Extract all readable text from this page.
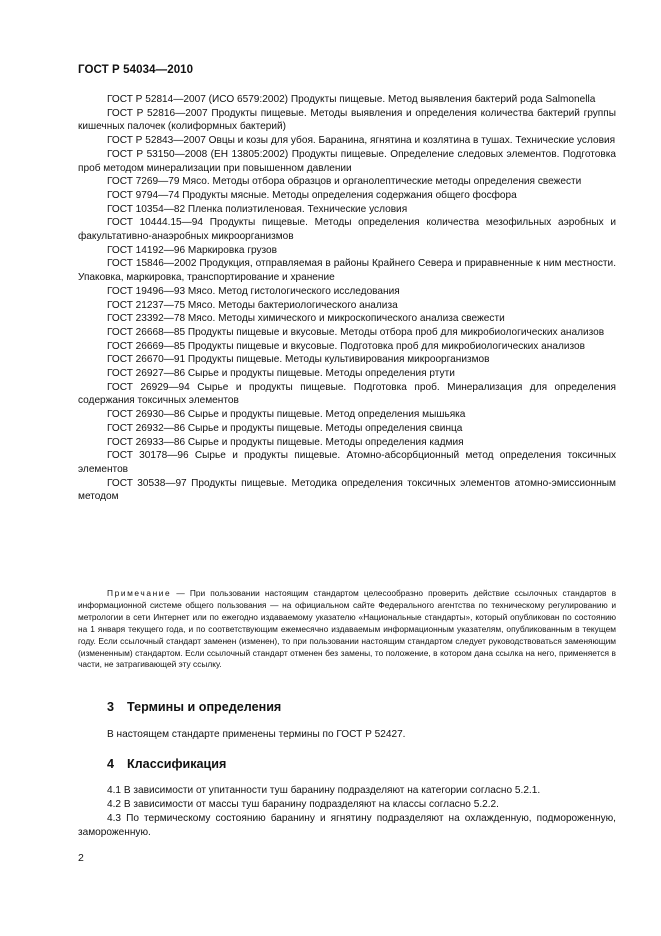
ГОСТ Р 54034—2010

ГОСТ Р 52814—2007 (ИСО 6579:2002) Продукты пищевые. Метод выявления бактерий рода Salmonella

ГОСТ Р 52816—2007 Продукты пищевые. Методы выявления и определения количества бактерий группы кишечных палочек (колиформных бактерий)

ГОСТ Р 52843—2007 Овцы и козы для убоя. Баранина, ягнятина и козлятина в тушах. Технические условия

ГОСТ Р 53150—2008 (ЕН 13805:2002) Продукты пищевые. Определение следовых элементов. Подготовка проб методом минерализации при повышенном давлении

ГОСТ 7269—79 Мясо. Методы отбора образцов и органолептические методы определения свежести

ГОСТ 9794—74 Продукты мясные. Методы определения содержания общего фосфора

ГОСТ 10354—82 Пленка полиэтиленовая. Технические условия

ГОСТ 10444.15—94 Продукты пищевые. Методы определения количества мезофильных аэробных и факультативно-анаэробных микроорганизмов

ГОСТ 14192—96 Маркировка грузов

ГОСТ 15846—2002 Продукция, отправляемая в районы Крайнего Севера и приравненные к ним местности. Упаковка, маркировка, транспортирование и хранение

ГОСТ 19496—93 Мясо. Метод гистологического исследования

ГОСТ 21237—75 Мясо. Методы бактериологического анализа

ГОСТ 23392—78 Мясо. Методы химического и микроскопического анализа свежести

ГОСТ 26668—85 Продукты пищевые и вкусовые. Методы отбора проб для микробиологических анализов

ГОСТ 26669—85 Продукты пищевые и вкусовые. Подготовка проб для микробиологических анализов

ГОСТ 26670—91 Продукты пищевые. Методы культивирования микроорганизмов

ГОСТ 26927—86 Сырье и продукты пищевые. Методы определения ртути

ГОСТ 26929—94 Сырье и продукты пищевые. Подготовка проб. Минерализация для определения содержания токсичных элементов

ГОСТ 26930—86 Сырье и продукты пищевые. Метод определения мышьяка

ГОСТ 26932—86 Сырье и продукты пищевые. Методы определения свинца

ГОСТ 26933—86 Сырье и продукты пищевые. Методы определения кадмия

ГОСТ 30178—96 Сырье и продукты пищевые. Атомно-абсорбционный метод определения токсичных элементов

ГОСТ 30538—97 Продукты пищевые. Методика определения токсичных элементов атомно-эмиссионным методом

Примечание — При пользовании настоящим стандартом целесообразно проверить действие ссылочных стандартов в информационной системе общего пользования — на официальном сайте Федерального агентства по техническому регулированию и метрологии в сети Интернет или по ежегодно издаваемому указателю «Национальные стандарты», который опубликован по состоянию на 1 января текущего года, и по соответствующим ежемесячно издаваемым информационным указателям, опубликованным в текущем году. Если ссылочный стандарт заменен (изменен), то при пользовании настоящим стандартом следует руководствоваться заменяющим (измененным) стандартом. Если ссылочный стандарт отменен без замены, то положение, в котором дана ссылка на него, применяется в части, не затрагивающей эту ссылку.

3 Термины и определения

В настоящем стандарте применены термины по ГОСТ Р 52427.

4 Классификация

4.1 В зависимости от упитанности туш баранину подразделяют на категории согласно 5.2.1.

4.2 В зависимости от массы туш баранину подразделяют на классы согласно 5.2.2.

4.3 По термическому состоянию баранину и ягнятину подразделяют на охлажденную, подмороженную, замороженную.

2
